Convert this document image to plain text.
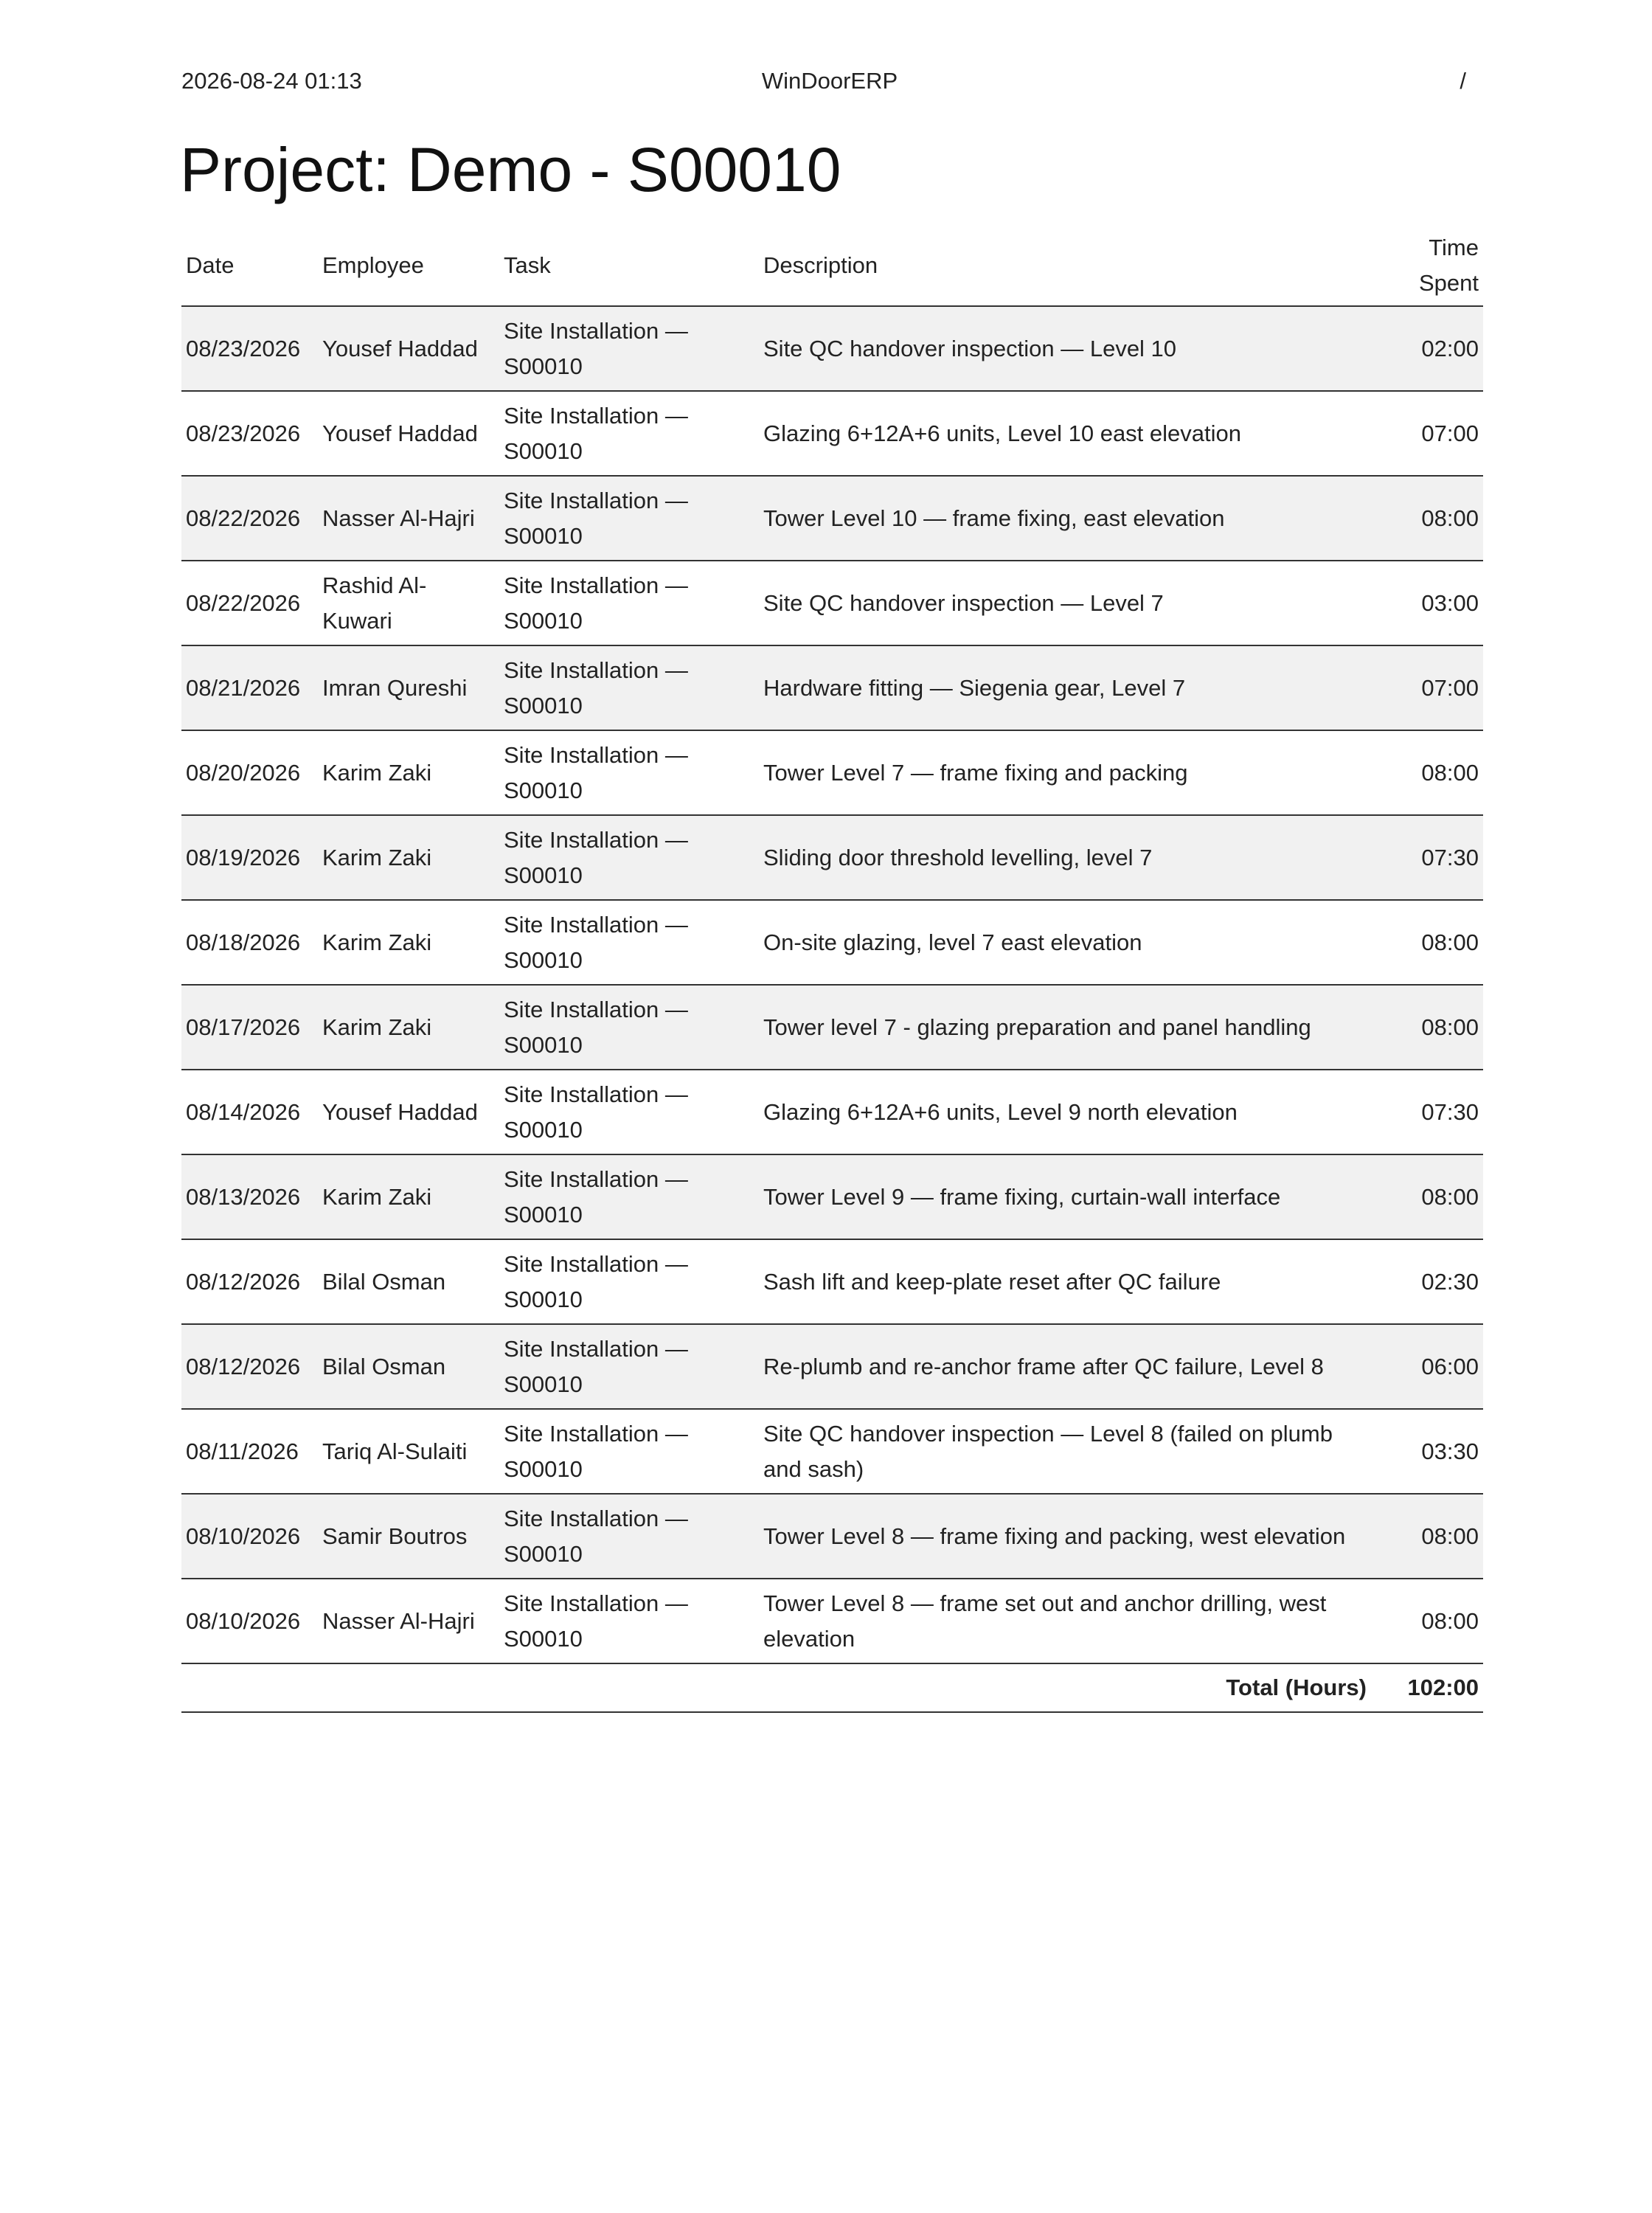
2026-08-24 01:13	WinDoorERP	/
Project: Demo - S00010
Date	Employee	Task	Description	Time Spent
08/23/2026	Yousef Haddad	Site Installation — S00010	Site QC handover inspection — Level 10	02:00
08/23/2026	Yousef Haddad	Site Installation — S00010	Glazing 6+12A+6 units, Level 10 east elevation	07:00
08/22/2026	Nasser Al-Hajri	Site Installation — S00010	Tower Level 10 — frame fixing, east elevation	08:00
08/22/2026	Rashid Al-Kuwari	Site Installation — S00010	Site QC handover inspection — Level 7	03:00
08/21/2026	Imran Qureshi	Site Installation — S00010	Hardware fitting — Siegenia gear, Level 7	07:00
08/20/2026	Karim Zaki	Site Installation — S00010	Tower Level 7 — frame fixing and packing	08:00
08/19/2026	Karim Zaki	Site Installation — S00010	Sliding door threshold levelling, level 7	07:30
08/18/2026	Karim Zaki	Site Installation — S00010	On-site glazing, level 7 east elevation	08:00
08/17/2026	Karim Zaki	Site Installation — S00010	Tower level 7 - glazing preparation and panel handling	08:00
08/14/2026	Yousef Haddad	Site Installation — S00010	Glazing 6+12A+6 units, Level 9 north elevation	07:30
08/13/2026	Karim Zaki	Site Installation — S00010	Tower Level 9 — frame fixing, curtain-wall interface	08:00
08/12/2026	Bilal Osman	Site Installation — S00010	Sash lift and keep-plate reset after QC failure	02:30
08/12/2026	Bilal Osman	Site Installation — S00010	Re-plumb and re-anchor frame after QC failure, Level 8	06:00
08/11/2026	Tariq Al-Sulaiti	Site Installation — S00010	Site QC handover inspection — Level 8 (failed on plumb and sash)	03:30
08/10/2026	Samir Boutros	Site Installation — S00010	Tower Level 8 — frame fixing and packing, west elevation	08:00
08/10/2026	Nasser Al-Hajri	Site Installation — S00010	Tower Level 8 — frame set out and anchor drilling, west elevation	08:00
Total (Hours)				102:00
